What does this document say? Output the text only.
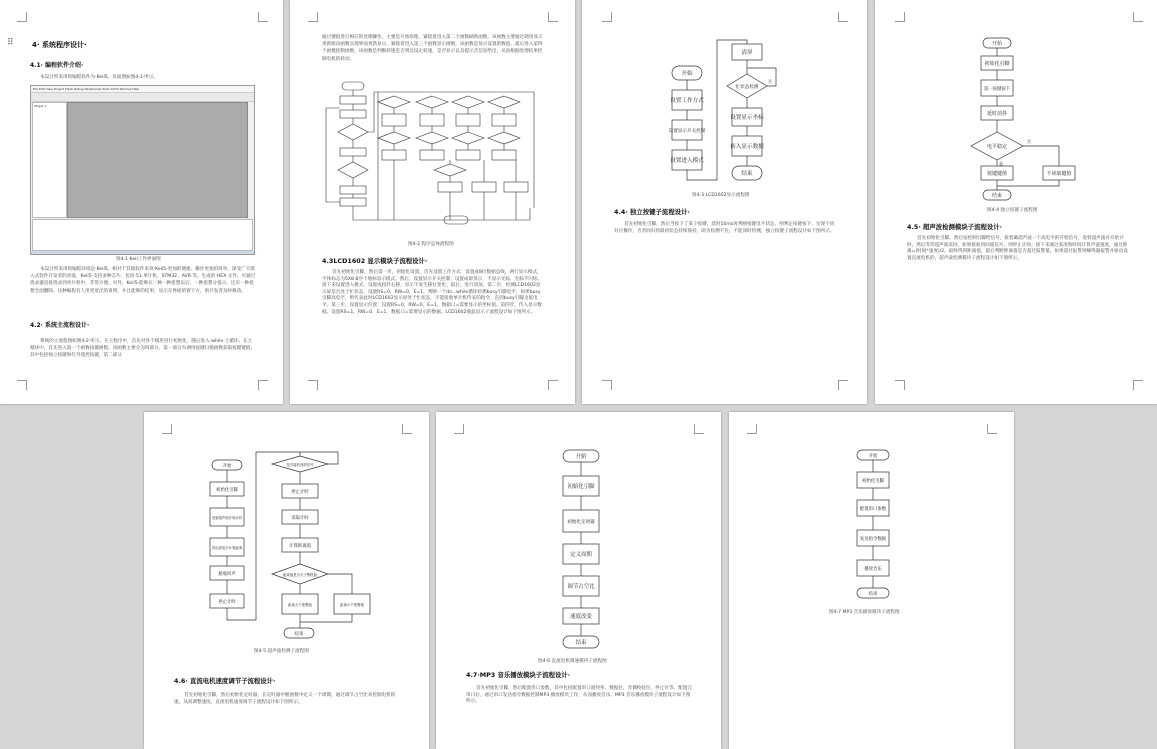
4· 系统程序设计·
4.1· 编程软件介绍·
本设计所采用的编程软件为·Keil5。页面图如图4-1·所示。
File Edit View Project Flash Debug Peripherals Tools SVCS Window Help
Target 1
图4-1·Keil工作界面图
本设计所采用的编程环境是·Keil5。相对于其他软件来说·Keil5·更加的便捷。操作更加的简单，深受广大嵌入式软件开发者的喜爱，Keil5·支持多种芯片，包括·51·单片机、STM32、AVR·等。生成的·HEX·文件，可通过烧录器直接烧录到单片机中，非常方便。另外，Keil5·能够在一种一种思想以后，一种思想分提示。还有一种思想全面删除、这种编程有人用更宽泛的说明，并且能够的结果，显示在界面的窗下方，供开发者及时修改。
4.2· 系统主流程设计·
系统的主流程图如图4-2·所示。在主程序中，首先对各个模块进行初始化，随后进入·while·主循环。在主循环中，首先进入第一个函数按键函数，该函数主要分为四部分。第一部分为调用按键扫描函数获取按键键值，其中包括独立按键和红外遥控按键，第二部分
⠿
通过键值进行相应的处理操作，主要是开始原理，紧接着进入第二个函数刷新函数，该函数主要通过调用显示更新驱动函数实现界面更新显示，紧接着进入第三个函数显示函数，该函数是显示设置的数值，最后进入第四个函数控制函数，该函数是判断转速是否到达设定转速，是否显示以及提示音信息给出，从而根据处理结果控制电机的转动。
图4-2 程序总体流程图
4.3LCD1602 显示模块子流程设计·
首先初始化引脚，然后第一步，初始化设置，首先设置工作方式：设置成8位数据总线，两行显示模式，字体标志为5X8 8序十地标显示模式。然后，设置显示开关控制；设置成即显示，不显示光标，光标不闪烁。接下来设置进入模式，设置成指针右移，显示不发生移位变化；最后，进行清屏。第二步，检测LCD1602显示屏是否处于忙状态，设置RS=0，RW=0，E=1，判断一个do...while循环检测busy引脚电平，如果busy引脚高电平，则代表此时LCD1602显示屏处于忙状态，不能接收单片机传来的指令，直到busy引脚为低电平。第三步，设置显示位置：设置RS=0，RW=0，E=1，数据口=需要显示的坐标值。第四步，传入显示数据。设置RS=1，RW=0，E=1，数据口=需要显示的数据。LCD1602液晶显示子流程设计如下图所示。
开始
设置工作方式
设置显示开关控制
设置进入模式
清屏
忙状态检测
否
设置显示坐标
传入显示数据
结束
图4-3 LCD1602显示流程图
4.4· 独立按键子流程设计·
首先初始化引脚，然后当按下了某个按键，延时10ms再判断按键电平状态，则判定按键按下，实现不同对应操作，否者回归到最初状态持续保持，即为检测不住，不能同时检测，独立按键子流程设计如下图所示。
开始
初始化引脚
第一按键按下
延时消抖
电平稳定
是
否
按键键值	不读取键值
结束
图4-4 独立按键子流程图
4.5· 超声波检测模块子流程设计·
首先初始化引脚，然后发控制引脚给信号，接着确超声波一个高电平的开始信号，发射超声波并开始计时，然后等待超声波返回，如果接收到回波信号，则停止计时。接下来通过高度和时间计算声波速度，通过距离=(时间*速度)/2，最终得到距离值，最后判断距离值是否超过报警值，如果超过报警则蜂鸣器报警并驱动设置直流电机的，超声波检测模块子流程设计如下图所示。
开始
初始化引脚
发射超声波开始计时
发出高电平计算距离
接收回声
停止计时
是否接收回波信号
停止计时
读取计时
计算距离值
距离值是否大于警报值
距离大于报警值	距离小于报警值
结束
图4-5 超声波检测子流程图
4.6· 直流电机速度调节子流程设计·
首先初始化引脚，然后初始化定时器，在定时器中断函数中定义一个周期，通过调节占空比来控制电机转速，从而调整速度。直流电机速度调节子流程设计如下图所示。
开始
初始化引脚
初始化定时器
定义周期
调节占空比
速度改变
结束
图4-6 直流电机调速模块子流程图
4.7·MP3 音乐播放模块子流程设计·
首先初始化引脚，然后配置串口参数，其中包括配置串口波特率，数据位，奇偶校验位，停止位等。配置完串口后，通过串口发送指令数据控制MP3 播放模块工作，从而播放音乐。MP3 音乐播放模块子流程设计如下图所示。
开始
初始化引脚
配置串口参数
发送指令数据
播放音乐
结束
图4-7 MP3 音乐播放模块子流程图
